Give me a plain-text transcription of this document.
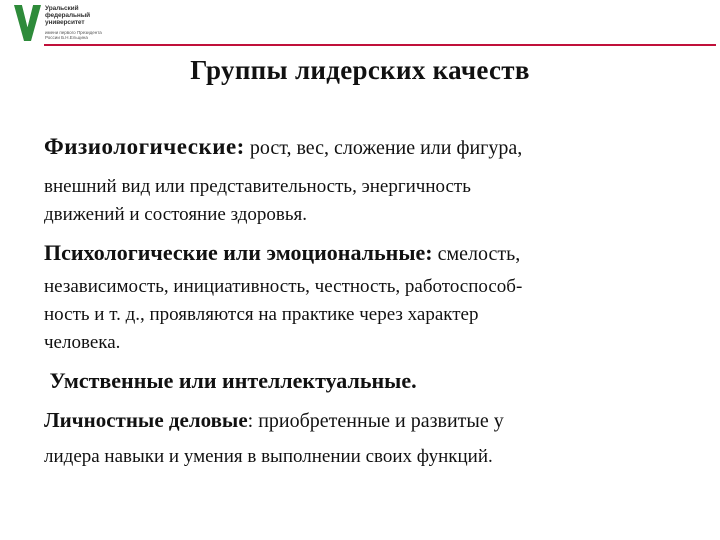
Уральский
федеральный
университет
имени первого Президента
России Б.Н.Ельцина
Группы лидерских качеств

Физиологические: рост, вес, сложение или фигура,

внешний вид или представительность, энергичность
движений и состояние здоровья.

Психологические или эмоциональные: смелость,

независимость, инициативность, честность, работоспособ-
ность и т. д., проявляются на практике через характер
человека.

Умственные или интеллектуальные.

Личностные деловые: приобретенные и развитые у

лидера навыки и умения в выполнении своих функций.
